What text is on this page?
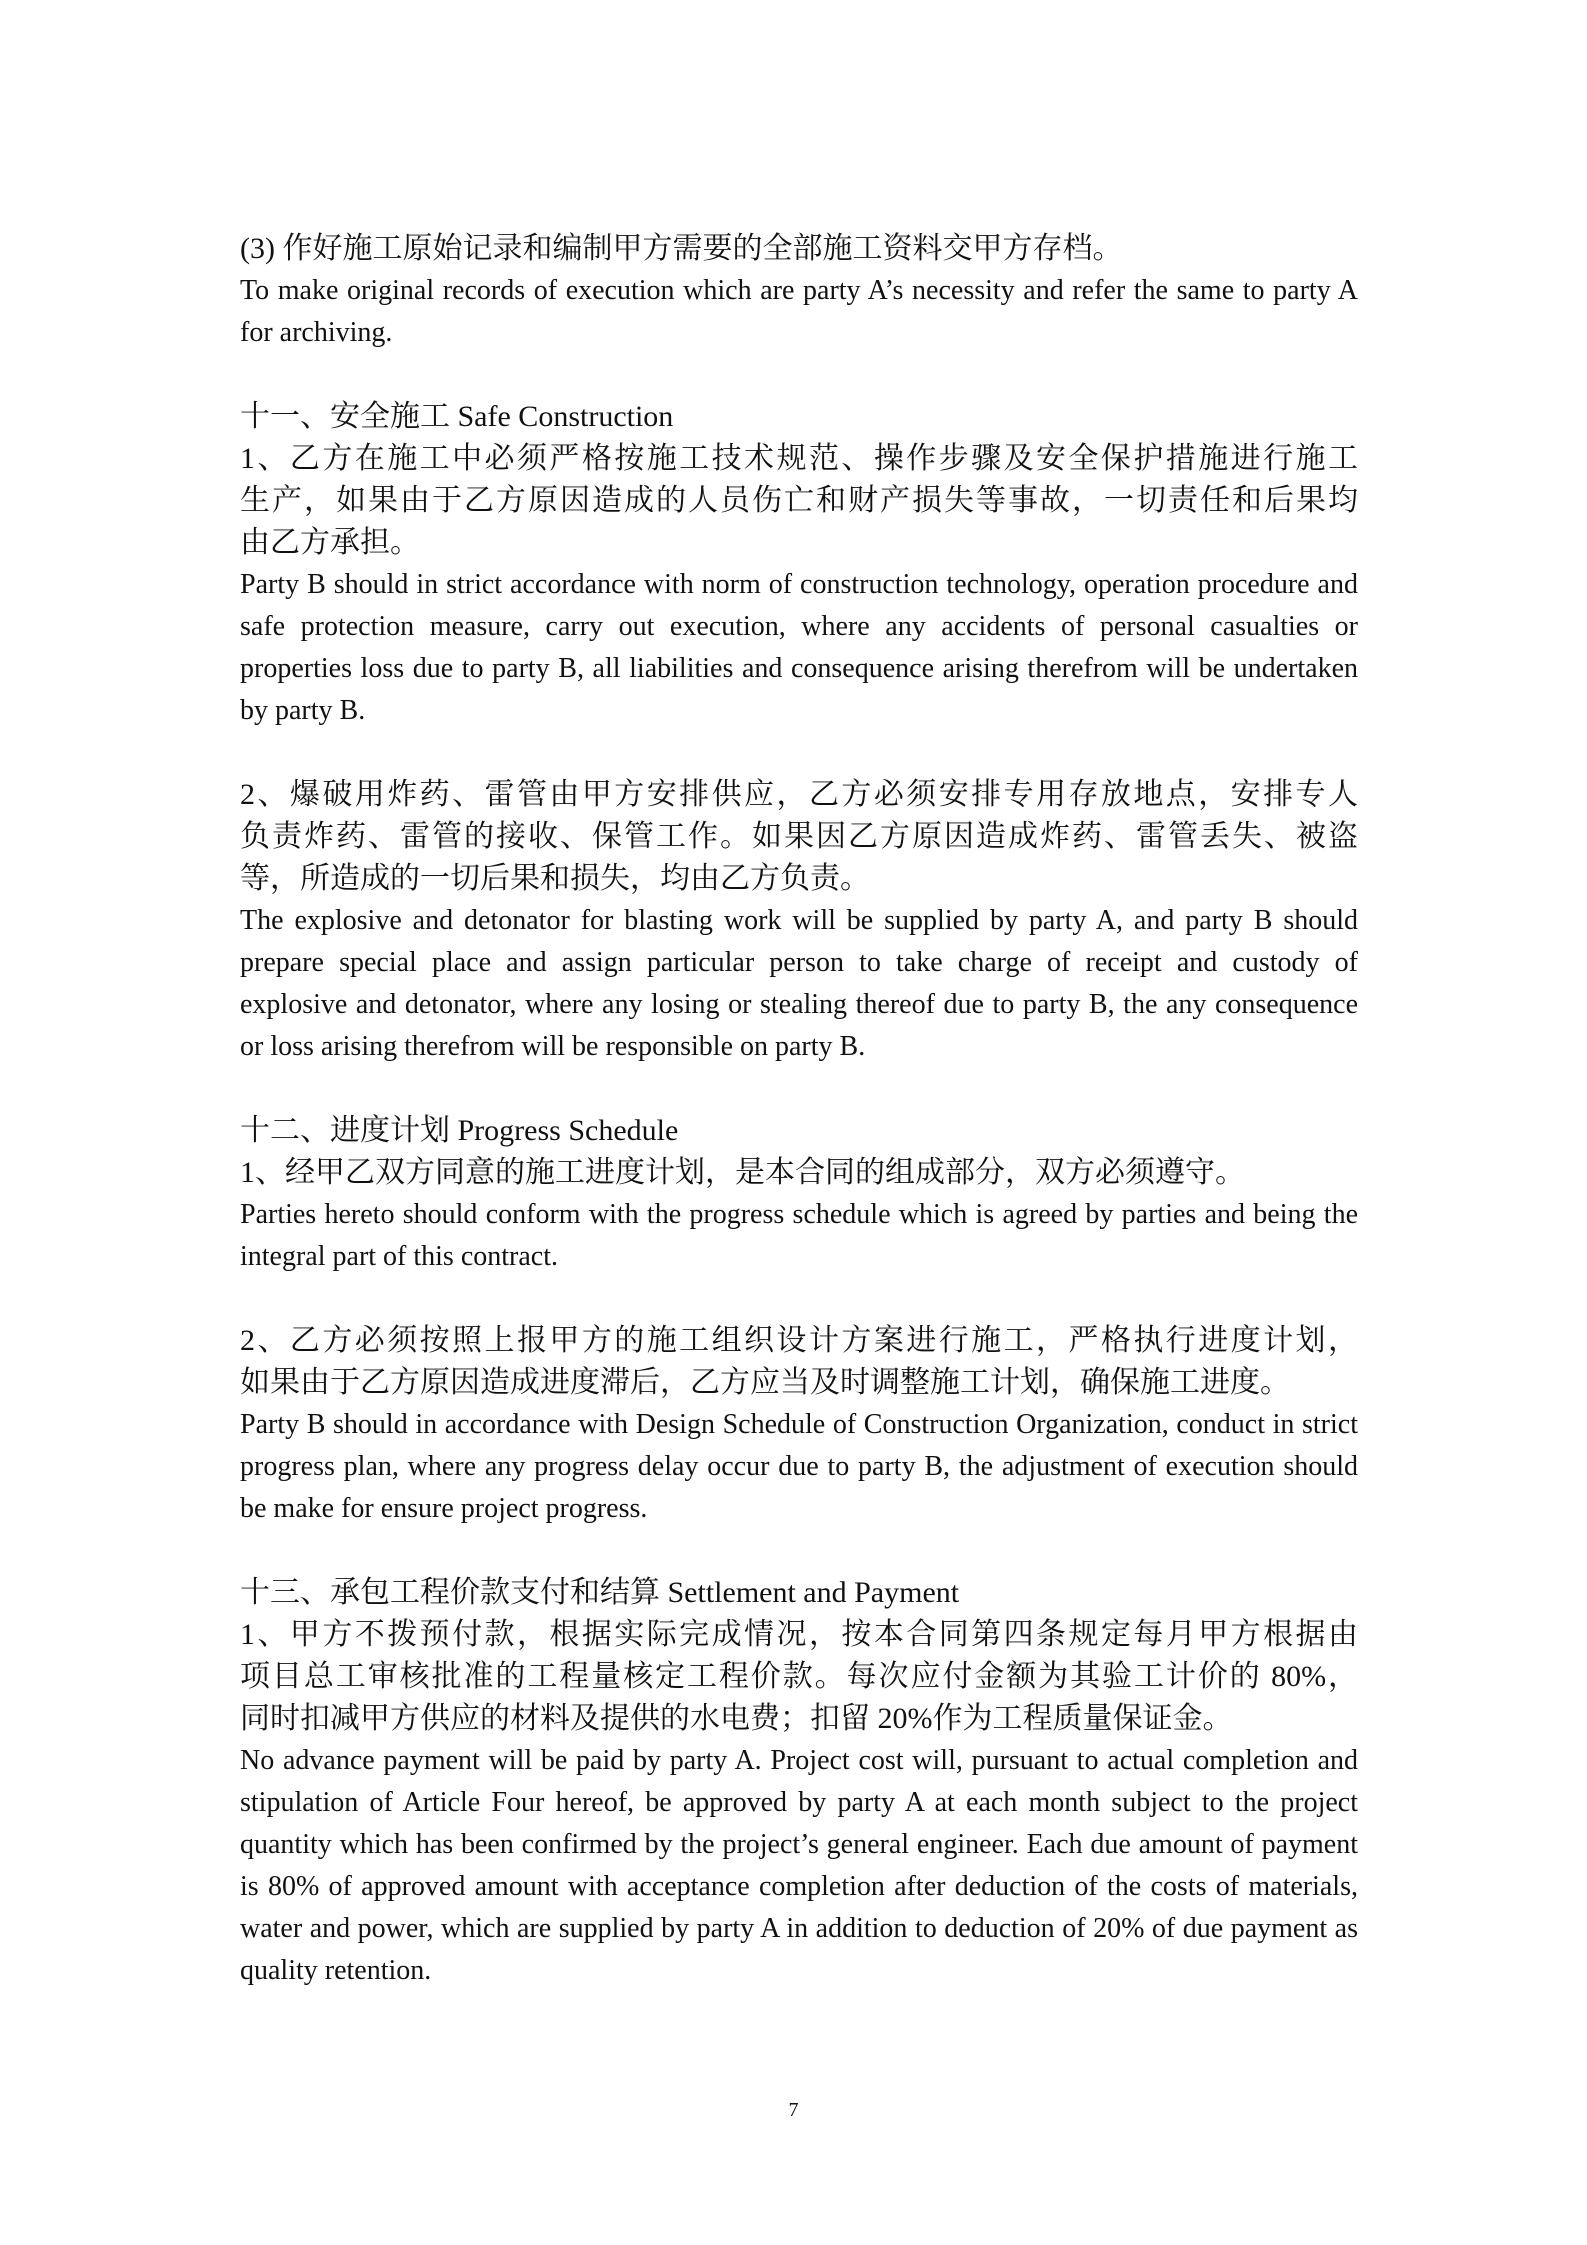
(3) 作好施工原始记录和编制甲方需要的全部施工资料交甲方存档。

To make original records of execution which are party A’s necessity and refer the same to party A for archiving.

十一、安全施工 Safe Construction

1、乙方在施工中必须严格按施工技术规范、操作步骤及安全保护措施进行施工

生产，如果由于乙方原因造成的人员伤亡和财产损失等事故，一切责任和后果均

由乙方承担。

Party B should in strict accordance with norm of construction technology, operation procedure and safe protection measure, carry out execution, where any accidents of personal casualties or properties loss due to party B, all liabilities and consequence arising therefrom will be undertaken by party B.

2、爆破用炸药、雷管由甲方安排供应，乙方必须安排专用存放地点，安排专人

负责炸药、雷管的接收、保管工作。如果因乙方原因造成炸药、雷管丢失、被盗

等，所造成的一切后果和损失，均由乙方负责。

The explosive and detonator for blasting work will be supplied by party A, and party B should prepare special place and assign particular person to take charge of receipt and custody of explosive and detonator, where any losing or stealing thereof due to party B, the any consequence or loss arising therefrom will be responsible on party B.

十二、进度计划 Progress Schedule

1、经甲乙双方同意的施工进度计划，是本合同的组成部分，双方必须遵守。

Parties hereto should conform with the progress schedule which is agreed by parties and being the integral part of this contract.

2、乙方必须按照上报甲方的施工组织设计方案进行施工，严格执行进度计划，

如果由于乙方原因造成进度滞后，乙方应当及时调整施工计划，确保施工进度。

Party B should in accordance with Design Schedule of Construction Organization, conduct in strict progress plan, where any progress delay occur due to party B, the adjustment of execution should be make for ensure project progress.

十三、承包工程价款支付和结算 Settlement and Payment

1、甲方不拨预付款，根据实际完成情况，按本合同第四条规定每月甲方根据由

项目总工审核批准的工程量核定工程价款。每次应付金额为其验工计价的 80%，

同时扣减甲方供应的材料及提供的水电费；扣留 20%作为工程质量保证金。

No advance payment will be paid by party A. Project cost will, pursuant to actual completion and stipulation of Article Four hereof, be approved by party A at each month subject to the project quantity which has been confirmed by the project’s general engineer. Each due amount of payment is 80% of approved amount with acceptance completion after deduction of the costs of materials, water and power, which are supplied by party A in addition to deduction of 20% of due payment as quality retention.

7
